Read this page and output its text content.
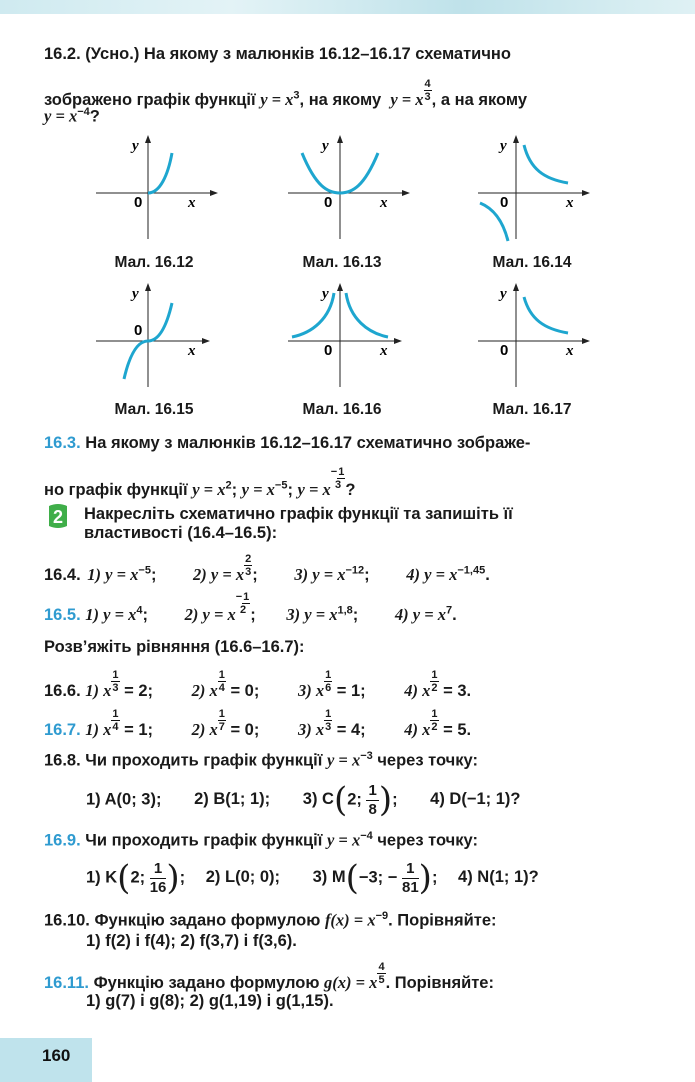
16.2. (Усно.) На якому з малюнків 16.12–16.17 схематично
зображено графік функції $y = x^3$, на якому y = x $\frac{4}{3}$ , а на якому
$y = x^{-4}$?
y
x
0
y
x
0
y
x
0
Мал. 16.12	Мал. 16.13	Мал. 16.14
y
x
0
y
x
0
y
x
0
Мал. 16.15	Мал. 16.16	Мал. 16.17
16.3. На якому з малюнків 16.12–16.17 схематично зображе-
но графік функції $y = x^2$; $y = x^{-5}$; y = x−1
3 ?
2 Накресліть схематично графік функції та запишіть її
властивості (16.4–16.5):
16.4. 1) $y = x^{-5}$; 2) y = x $\frac{2}{3}$ ; 3) $y = x^{-12}$; 4) $y = x^{-1,45}$.
16.5. 1) $y = x^4$; 2) y = x−1
2 ; 3) $y = x^{1,8}$; 4) $y = x^7$.
Розв’яжіть рівняння (16.6–16.7):
16.6. 1) x $\frac{1}{3} = 2$; 2) x $\frac{1}{4} = 0$; 3) x $\frac{1}{6} = 1$; 4) x $\frac{1}{2} = 3$.
16.7. 1) x $\frac{1}{4} = 1$; 2) x $\frac{1}{7} = 0$; 3) x $\frac{1}{3} = 4$; 4) x $\frac{1}{2} = 5$.
16.8. Чи проходить графік функції $y = x^{-3}$ через точку:
1) A(0; 3); 2) B(1; 1); 3) C(2; $\frac{1}{8}$); 4) D(−1; 1)?
16.9. Чи проходить графік функції $y = x^{-4}$ через точку:
1) K(2; $\frac{1}{16}$); 2) L(0; 0); 3) M(−3; − $\frac{1}{81}$); 4) N(1; 1)?
16.10. Функцію задано формулою $f(x) = x^{-9}$. Порівняйте:
1) f(2) і f(4); 2) f(3,7) і f(3,6).
16.11. Функцію задано формулою g(x) = x $\frac{4}{5}$ . Порівняйте:
1) g(7) і g(8); 2) g(1,19) і g(1,15).
160
